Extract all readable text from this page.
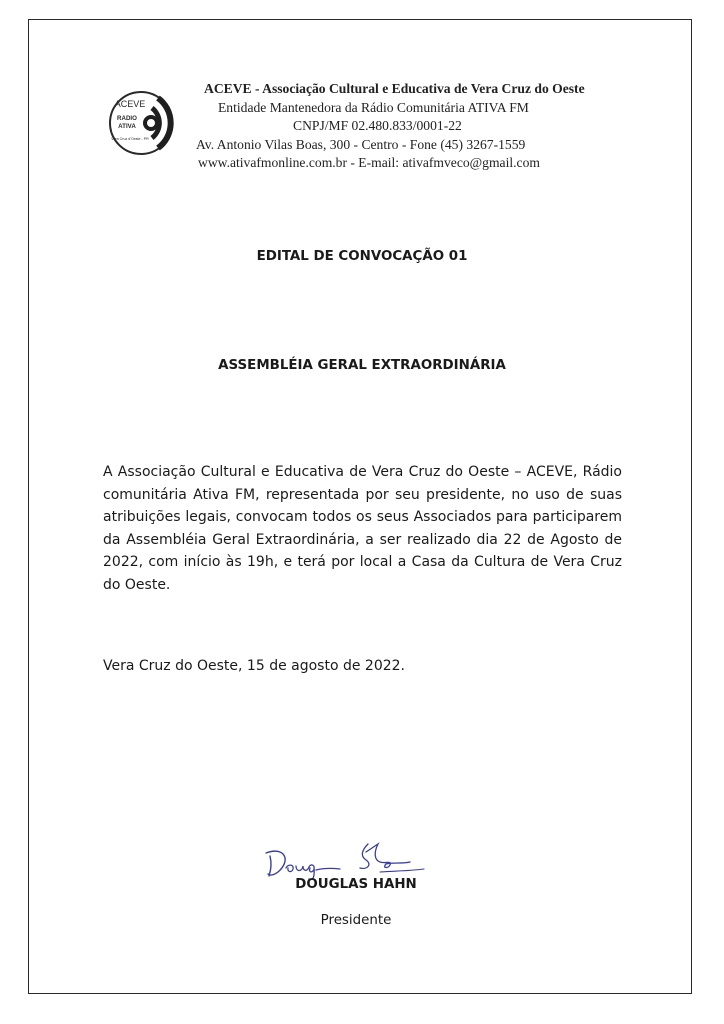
ACEVE
RADIO
ATIVA
Vera Cruz d'Oeste - PR
ACEVE - Associação Cultural e Educativa de Vera Cruz do Oeste
Entidade Mantenedora da Rádio Comunitária ATIVA FM
CNPJ/MF 02.480.833/0001-22
Av. Antonio Vilas Boas, 300 - Centro - Fone (45) 3267-1559
www.ativafmonline.com.br - E-mail: ativafmveco@gmail.com
EDITAL DE CONVOCAÇÃO 01
ASSEMBLÉIA GERAL EXTRAORDINÁRIA
A Associação Cultural e Educativa de Vera Cruz do Oeste – ACEVE, Rádio comunitária Ativa FM, representada por seu presidente, no uso de suas atribuições legais, convocam todos os seus Associados para participarem da Assembléia Geral Extraordinária, a ser realizado dia 22 de Agosto de 2022, com início às 19h, e terá por local a Casa da Cultura de Vera Cruz do Oeste.
Vera Cruz do Oeste, 15 de agosto de 2022.
DOUGLAS HAHN
Presidente
